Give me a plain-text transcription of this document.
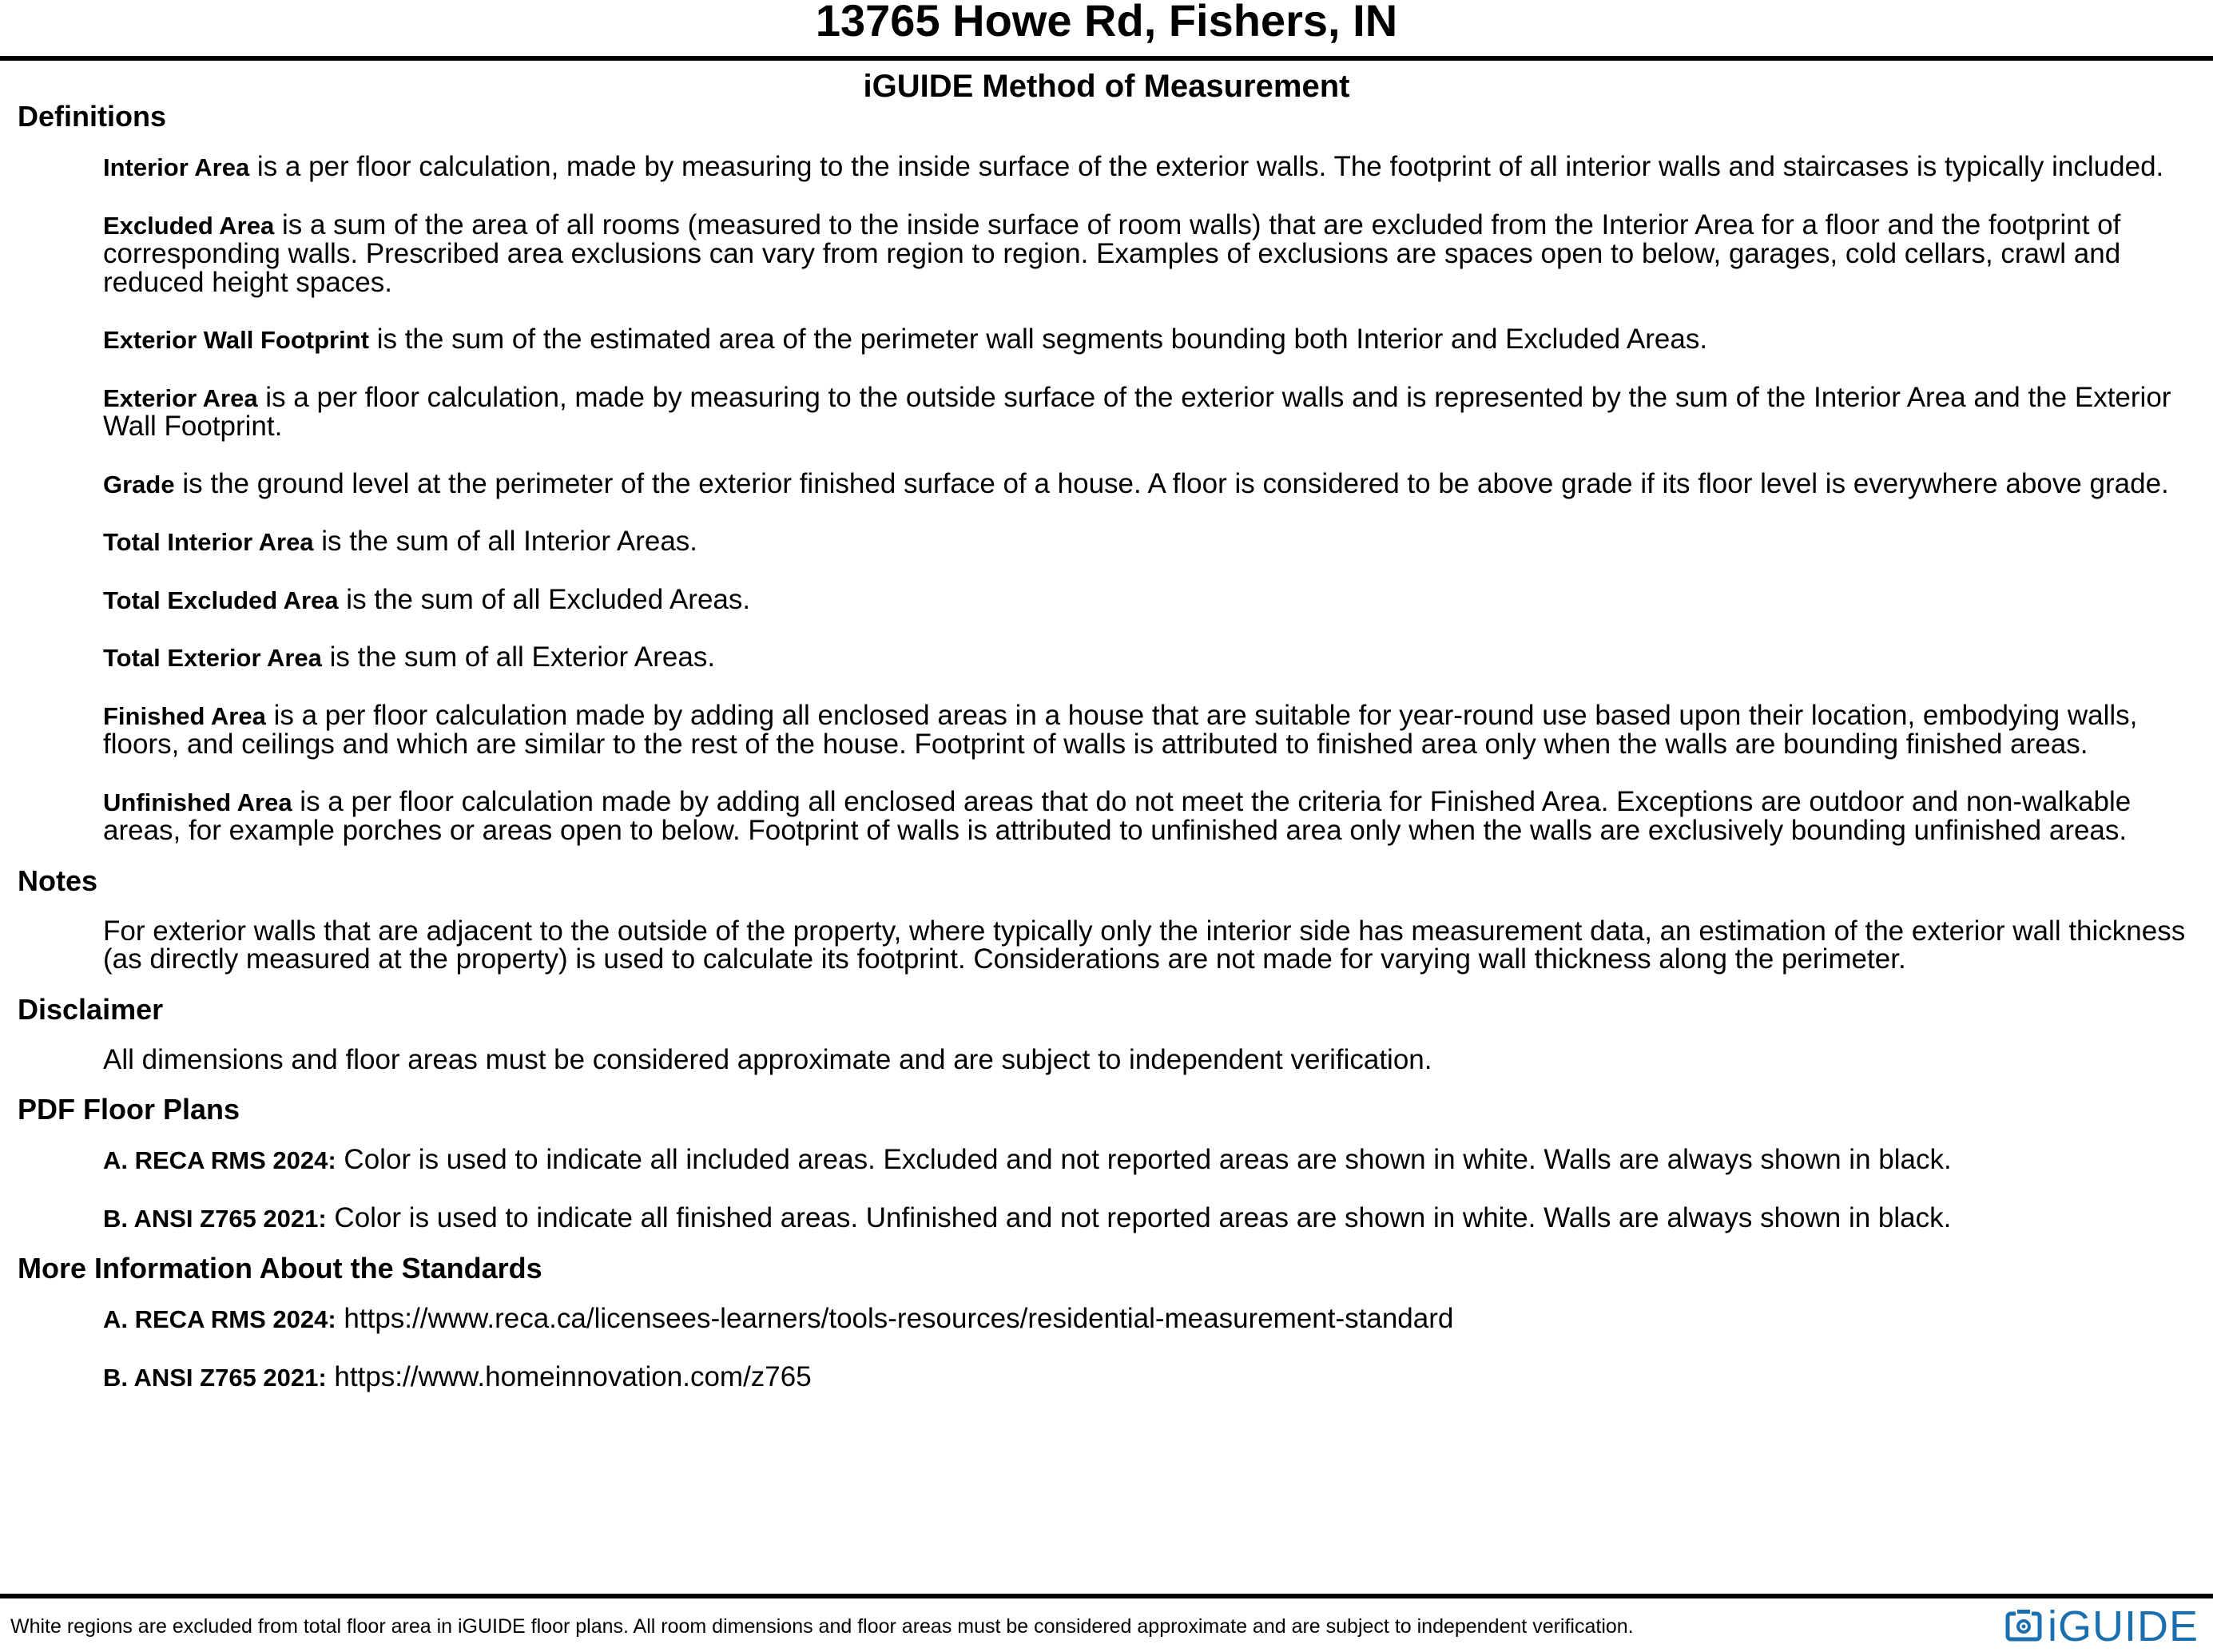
13765 Howe Rd, Fishers, IN
iGUIDE Method of Measurement
Definitions

Interior Area is a per floor calculation, made by measuring to the inside surface of the exterior walls. The footprint of all interior walls and staircases is typically included.

Excluded Area is a sum of the area of all rooms (measured to the inside surface of room walls) that are excluded from the Interior Area for a floor and the footprint of corresponding walls. Prescribed area exclusions can vary from region to region. Examples of exclusions are spaces open to below, garages, cold cellars, crawl and reduced height spaces.

Exterior Wall Footprint is the sum of the estimated area of the perimeter wall segments bounding both Interior and Excluded Areas.

Exterior Area is a per floor calculation, made by measuring to the outside surface of the exterior walls and is represented by the sum of the Interior Area and the Exterior Wall Footprint.

Grade is the ground level at the perimeter of the exterior finished surface of a house. A floor is considered to be above grade if its floor level is everywhere above grade.

Total Interior Area is the sum of all Interior Areas.

Total Excluded Area is the sum of all Excluded Areas.

Total Exterior Area is the sum of all Exterior Areas.

Finished Area is a per floor calculation made by adding all enclosed areas in a house that are suitable for year-round use based upon their location, embodying walls, floors, and ceilings and which are similar to the rest of the house. Footprint of walls is attributed to finished area only when the walls are bounding finished areas.

Unfinished Area is a per floor calculation made by adding all enclosed areas that do not meet the criteria for Finished Area. Exceptions are outdoor and non-walkable areas, for example porches or areas open to below. Footprint of walls is attributed to unfinished area only when the walls are exclusively bounding unfinished areas.

Notes

For exterior walls that are adjacent to the outside of the property, where typically only the interior side has measurement data, an estimation of the exterior wall thickness (as directly measured at the property) is used to calculate its footprint. Considerations are not made for varying wall thickness along the perimeter.

Disclaimer

All dimensions and floor areas must be considered approximate and are subject to independent verification.

PDF Floor Plans

A. RECA RMS 2024: Color is used to indicate all included areas. Excluded and not reported areas are shown in white. Walls are always shown in black.

B. ANSI Z765 2021: Color is used to indicate all finished areas. Unfinished and not reported areas are shown in white. Walls are always shown in black.

More Information About the Standards

A. RECA RMS 2024: https://www.reca.ca/licensees-learners/tools-resources/residential-measurement-standard

B. ANSI Z765 2021: https://www.homeinnovation.com/z765

White regions are excluded from total floor area in iGUIDE floor plans. All room dimensions and floor areas must be considered approximate and are subject to independent verification.	iGUIDE
